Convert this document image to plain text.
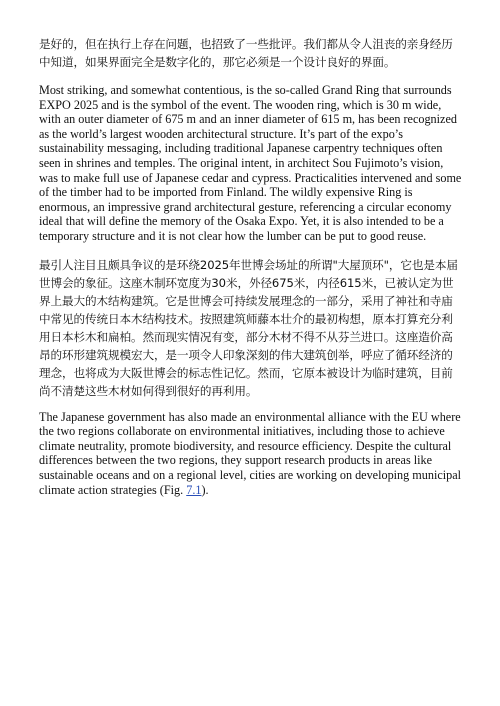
是好的，但在执行上存在问题，也招致了一些批评。我们都从令人沮丧的亲身经历中知道，如果界面完全是数字化的，那它必须是一个设计良好的界面。

Most striking, and somewhat contentious, is the so-called Grand Ring that surrounds EXPO 2025 and is the symbol of the event. The wooden ring, which is 30 m wide, with an outer diameter of 675 m and an inner diameter of 615 m, has been recognized as the world’s largest wooden architectural structure. It’s part of the expo’s sustainability messaging, including traditional Japanese carpentry techniques often seen in shrines and temples. The original intent, in architect Sou Fujimoto’s vision, was to make full use of Japanese cedar and cypress. Practicalities intervened and some of the timber had to be imported from Finland. The wildly expensive Ring is enormous, an impressive grand architectural gesture, referencing a circular economy ideal that will define the memory of the Osaka Expo. Yet, it is also intended to be a temporary structure and it is not clear how the lumber can be put to good reuse.

最引人注目且颇具争议的是环绕2025年世博会场址的所谓"大屋顶环"，它也是本届世博会的象征。这座木制环宽度为30米，外径675米，内径615米，已被认定为世界上最大的木结构建筑。它是世博会可持续发展理念的一部分，采用了神社和寺庙中常见的传统日本木结构技术。按照建筑师藤本壮介的最初构想，原本打算充分利用日本杉木和扁柏。然而现实情况有变，部分木材不得不从芬兰进口。这座造价高昂的环形建筑规模宏大，是一项令人印象深刻的伟大建筑创举，呼应了循环经济的理念，也将成为大阪世博会的标志性记忆。然而，它原本被设计为临时建筑，目前尚不清楚这些木材如何得到很好的再利用。

The Japanese government has also made an environmental alliance with the EU where the two regions collaborate on environmental initiatives, including those to achieve climate neutrality, promote biodiversity, and resource efficiency. Despite the cultural differences between the two regions, they support research products in areas like sustainable oceans and on a regional level, cities are working on developing municipal climate action strategies (Fig. 7.1).
